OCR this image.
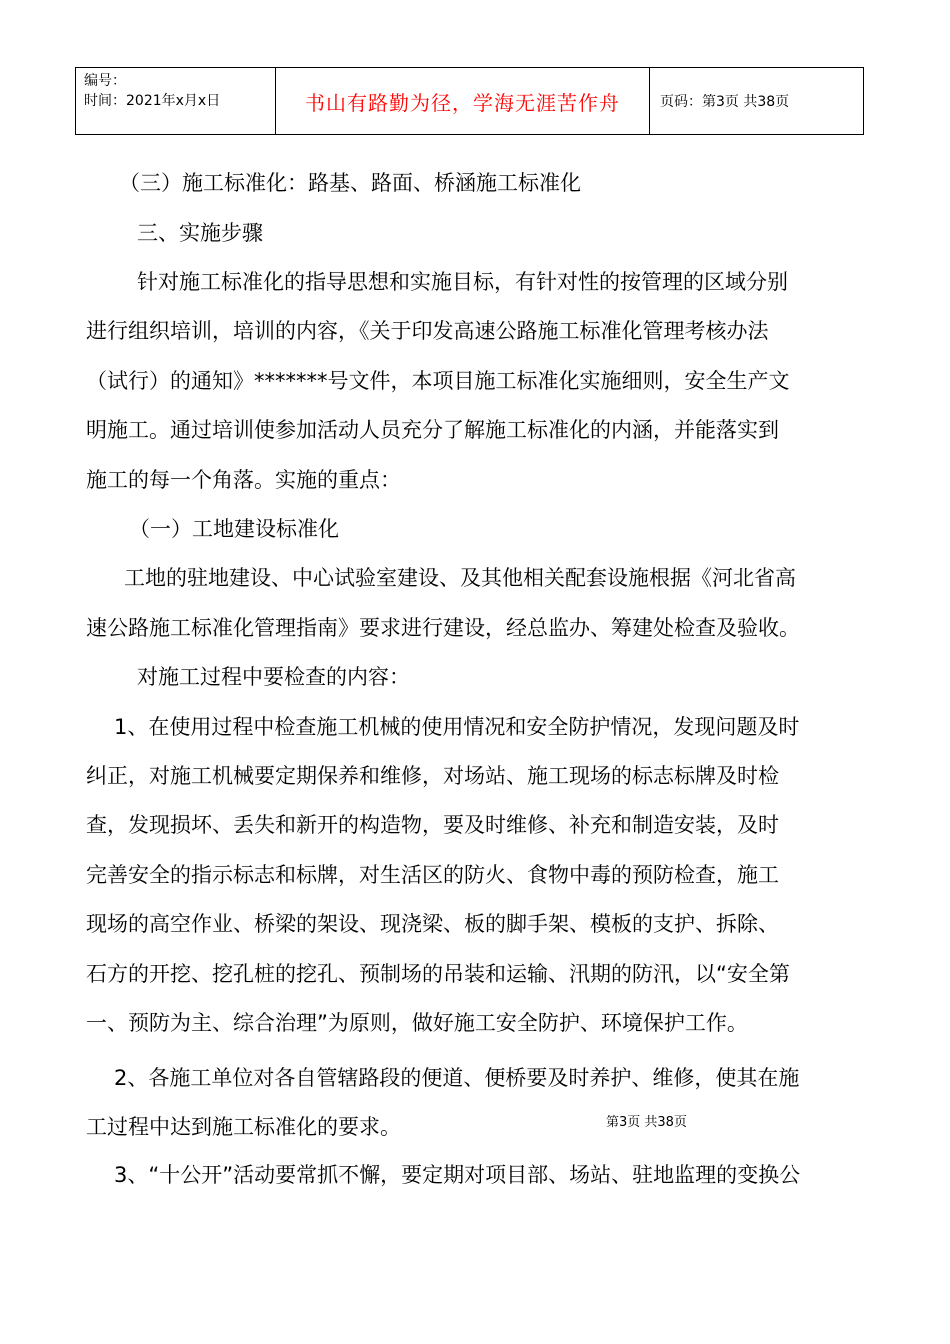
编号：
时间：2021年x月x日	书山有路勤为径，学海无涯苦作舟	页码：第3页 共38页
（三）施工标准化：路基、路面、桥涵施工标准化
三、实施步骤
针对施工标准化的指导思想和实施目标，有针对性的按管理的区域分别
进行组织培训，培训的内容，《关于印发高速公路施工标准化管理考核办法
（试行）的通知》*******号文件，本项目施工标准化实施细则，安全生产文
明施工。通过培训使参加活动人员充分了解施工标准化的内涵，并能落实到
施工的每一个角落。实施的重点：
（一）工地建设标准化
工地的驻地建设、中心试验室建设、及其他相关配套设施根据《河北省高
速公路施工标准化管理指南》要求进行建设，经总监办、筹建处检查及验收。
对施工过程中要检查的内容：
1、在使用过程中检查施工机械的使用情况和安全防护情况，发现问题及时
纠正，对施工机械要定期保养和维修，对场站、施工现场的标志标牌及时检
查，发现损坏、丢失和新开的构造物，要及时维修、补充和制造安装，及时
完善安全的指示标志和标牌，对生活区的防火、食物中毒的预防检查，施工
现场的高空作业、桥梁的架设、现浇梁、板的脚手架、模板的支护、拆除、
石方的开挖、挖孔桩的挖孔、预制场的吊装和运输、汛期的防汛，以“安全第
一、预防为主、综合治理”为原则，做好施工安全防护、环境保护工作。
2、各施工单位对各自管辖路段的便道、便桥要及时养护、维修，使其在施
工过程中达到施工标准化的要求。
3、“十公开”活动要常抓不懈，要定期对项目部、场站、驻地监理的变换公
第3页 共38页
